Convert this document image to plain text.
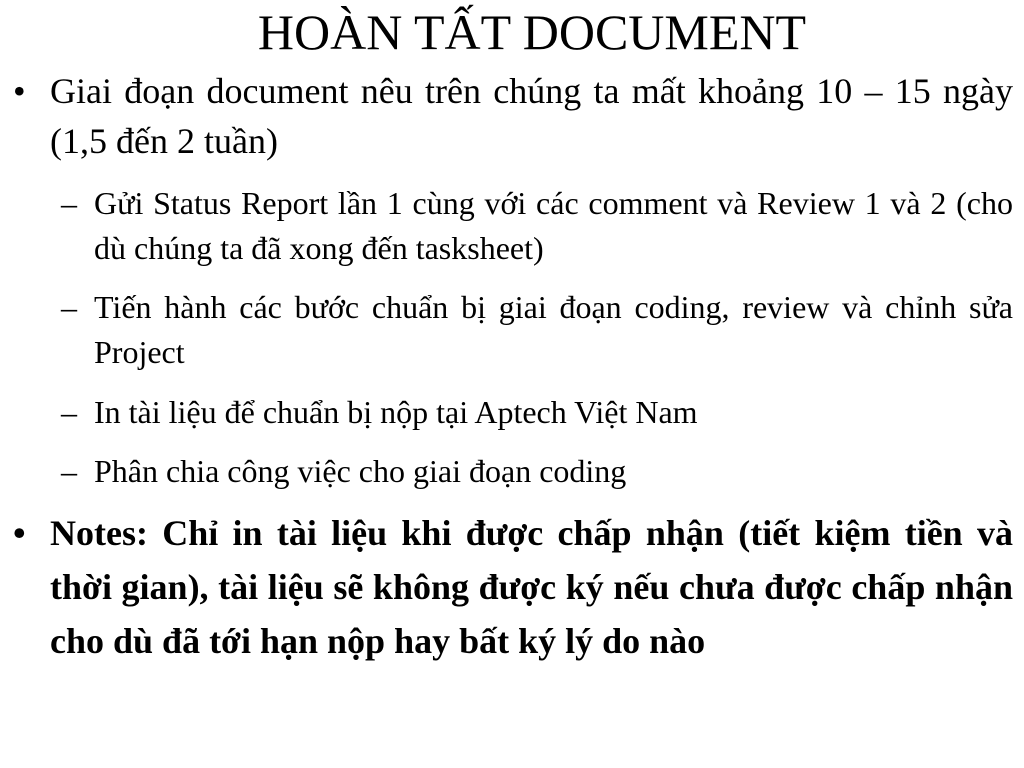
HOÀN TẤT DOCUMENT

• Giai đoạn document nêu trên chúng ta mất khoảng 10 – 15 ngày (1,5 đến 2 tuần)

– Gửi Status Report lần 1 cùng với các comment và Review 1 và 2 (cho dù chúng ta đã xong đến tasksheet)

– Tiến hành các bước chuẩn bị giai đoạn coding, review và chỉnh sửa Project

– In tài liệu để chuẩn bị nộp tại Aptech Việt Nam

– Phân chia công việc cho giai đoạn coding

• Notes: Chỉ in tài liệu khi được chấp nhận (tiết kiệm tiền và thời gian), tài liệu sẽ không được ký nếu chưa được chấp nhận cho dù đã tới hạn nộp hay bất ký lý do nào
